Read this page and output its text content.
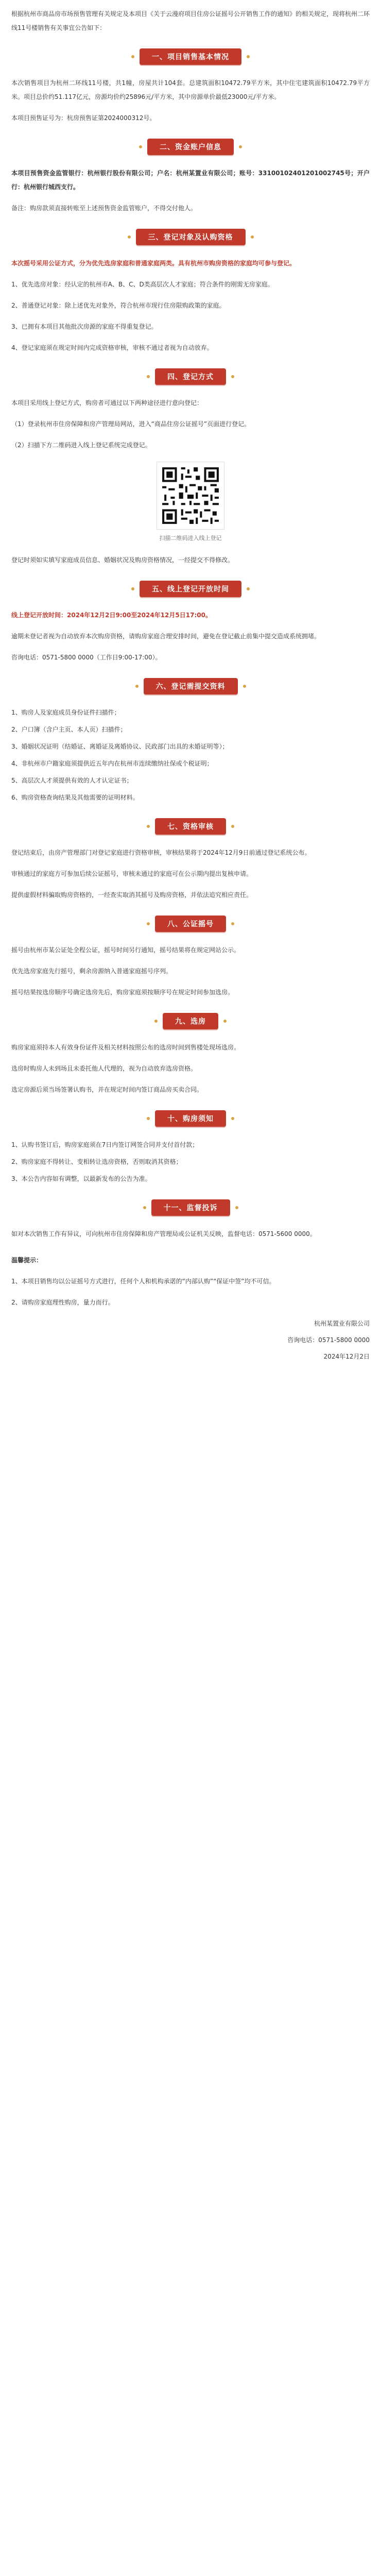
根据杭州市商品房市场预售管理有关规定及本项目《关于云漫府项目住房公证摇号公开销售工作的通知》的相关规定，现将杭州二环线11号楼销售有关事宜公告如下：

一、项目销售基本情况

本次销售项目为杭州二环线11号楼，共1幢，房屋共计104套。总建筑面积10472.79平方米，其中住宅建筑面积10472.79平方米。项目总价约51.117亿元，房源均价约25896元/平方米，其中房源单价最低23000元/平方米。

本项目预售证号为：杭房预售证第2024000312号。

二、资金账户信息

本项目预售资金监管银行：杭州银行股份有限公司；户名：杭州某置业有限公司；账号：33100102401201002745号；开户行：杭州银行城西支行。

备注：购房款须直接转账至上述预售资金监管账户，不得交付他人。

三、登记对象及认购资格

本次摇号采用公证方式，分为优先选房家庭和普通家庭两类。具有杭州市购房资格的家庭均可参与登记。

1、优先选房对象：经认定的杭州市A、B、C、D类高层次人才家庭；符合条件的刚需无房家庭。

2、普通登记对象：除上述优先对象外，符合杭州市现行住房限购政策的家庭。

3、已拥有本项目其他批次房源的家庭不得重复登记。

4、登记家庭须在规定时间内完成资格审核，审核不通过者视为自动放弃。

四、登记方式

本项目采用线上登记方式，购房者可通过以下两种途径进行意向登记：

（1）登录杭州市住房保障和房产管理局网站，进入“商品住房公证摇号”页面进行登记。

（2）扫描下方二维码进入线上登记系统完成登记。

扫描二维码进入线上登记

登记时须如实填写家庭成员信息、婚姻状况及购房资格情况，一经提交不得修改。

五、线上登记开放时间

线上登记开放时间：2024年12月2日9:00至2024年12月5日17:00。

逾期未登记者视为自动放弃本次购房资格，请购房家庭合理安排时间，避免在登记截止前集中提交造成系统拥堵。

咨询电话：0571-5800 0000（工作日9:00-17:00）。

六、登记需提交资料

1、购房人及家庭成员身份证件扫描件；

2、户口簿（含户主页、本人页）扫描件；

3、婚姻状况证明（结婚证、离婚证及离婚协议、民政部门出具的未婚证明等）；

4、非杭州市户籍家庭须提供近五年内在杭州市连续缴纳社保或个税证明；

5、高层次人才须提供有效的人才认定证书；

6、购房资格查询结果及其他需要的证明材料。

七、资格审核

登记结束后，由房产管理部门对登记家庭进行资格审核，审核结果将于2024年12月9日前通过登记系统公布。

审核通过的家庭方可参加后续公证摇号，审核未通过的家庭可在公示期内提出复核申请。

提供虚假材料骗取购房资格的，一经查实取消其摇号及购房资格，并依法追究相应责任。

八、公证摇号

摇号由杭州市某公证处全程公证，摇号时间另行通知，摇号结果将在规定网站公示。

优先选房家庭先行摇号，剩余房源纳入普通家庭摇号序列。

摇号结果按选房顺序号确定选房先后，购房家庭须按顺序号在规定时间参加选房。

九、选房

购房家庭须持本人有效身份证件及相关材料按照公布的选房时间到售楼处现场选房。

选房时购房人未到场且未委托他人代理的，视为自动放弃选房资格。

选定房源后须当场签署认购书，并在规定时间内签订商品房买卖合同。

十、购房须知

1、认购书签订后，购房家庭须在7日内签订网签合同并支付首付款；

2、购房家庭不得转让、变相转让选房资格，否则取消其资格；

3、本公告内容如有调整，以最新发布的公告为准。

十一、监督投诉

如对本次销售工作有异议，可向杭州市住房保障和房产管理局或公证机关反映，监督电话：0571-5600 0000。

温馨提示：

1、本项目销售均以公证摇号方式进行，任何个人和机构承诺的“内部认购”“保证中签”均不可信。

2、请购房家庭理性购房，量力而行。

杭州某置业有限公司

咨询电话：0571-5800 0000

2024年12月2日
